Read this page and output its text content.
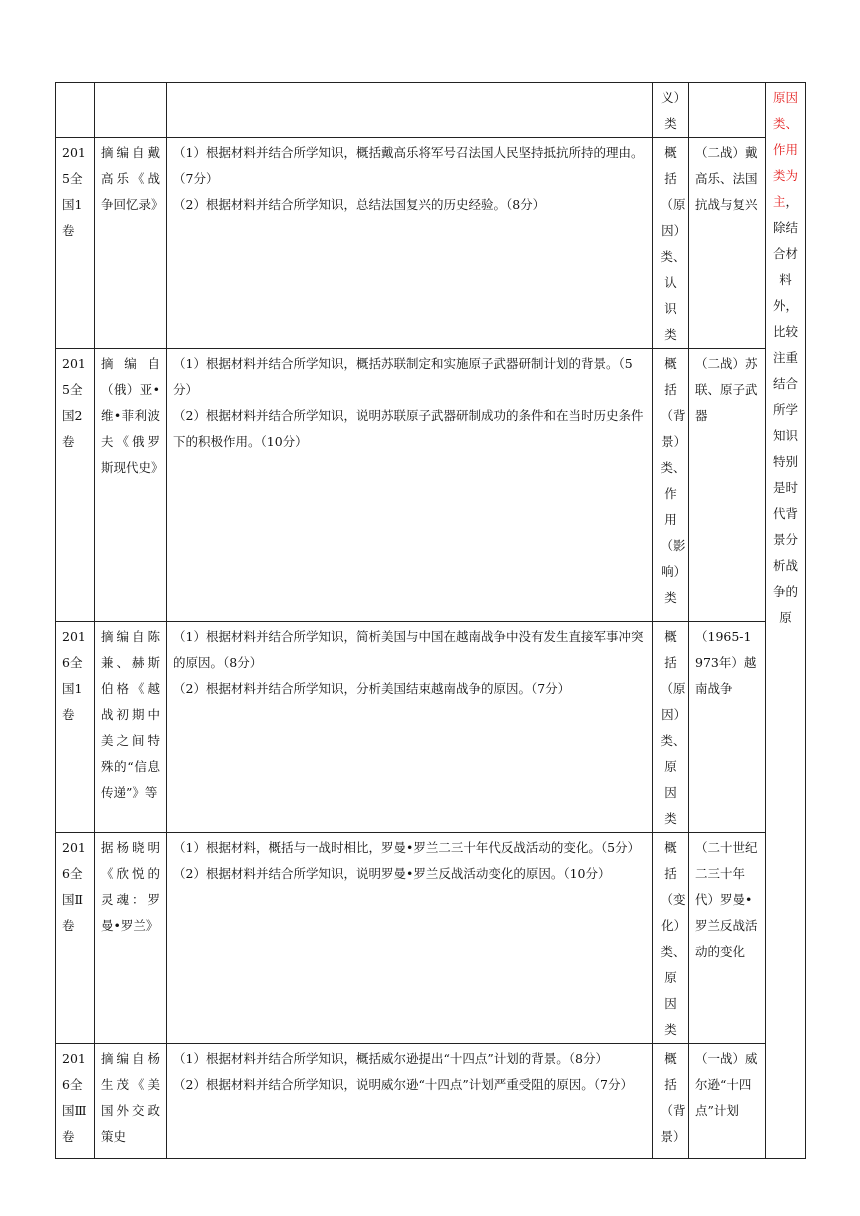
			义）类		原因类、作用类为主，除结合材料外，比较注重结合所学知识特别是时代背景分析战争的原
2015全国1卷	摘编自戴高乐《战争回忆录》	（1）根据材料并结合所学知识，概括戴高乐将军号召法国人民坚持抵抗所持的理由。（7分）
（2）根据材料并结合所学知识，总结法国复兴的历史经验。（8分）	概括（原因）类、认识类	（二战）戴高乐、法国抗战与复兴	
2015全国2卷	摘编自（俄）亚•维•菲利波夫《俄罗斯现代史》	（1）根据材料并结合所学知识，概括苏联制定和实施原子武器研制计划的背景。（5分）
（2）根据材料并结合所学知识，说明苏联原子武器研制成功的条件和在当时历史条件下的积极作用。（10分）	概括（背景）类、作用（影响）类	（二战）苏联、原子武器	
2016全国1卷	摘编自陈兼、赫斯伯格《越战初期中美之间特殊的“信息传递”》等	（1）根据材料并结合所学知识，简析美国与中国在越南战争中没有发生直接军事冲突的原因。（8分）
（2）根据材料并结合所学知识，分析美国结束越南战争的原因。（7分）	概括（原因）类、原因类	（1965-1973年）越南战争	
2016全国Ⅱ卷	据杨晓明《欣悦的灵魂：罗曼•罗兰》	（1）根据材料，概括与一战时相比，罗曼•罗兰二三十年代反战活动的变化。（5分）
（2）根据材料并结合所学知识，说明罗曼•罗兰反战活动变化的原因。（10分）	概括（变化）类、原因类	（二十世纪二三十年代）罗曼•罗兰反战活动的变化	
2016全国Ⅲ卷	摘编自杨生茂《美国外交政策史	（1）根据材料并结合所学知识，概括威尔逊提出“十四点”计划的背景。（8分）
（2）根据材料并结合所学知识，说明威尔逊“十四点”计划严重受阻的原因。（7分）	概括（背景）	（一战）威尔逊“十四点”计划	
